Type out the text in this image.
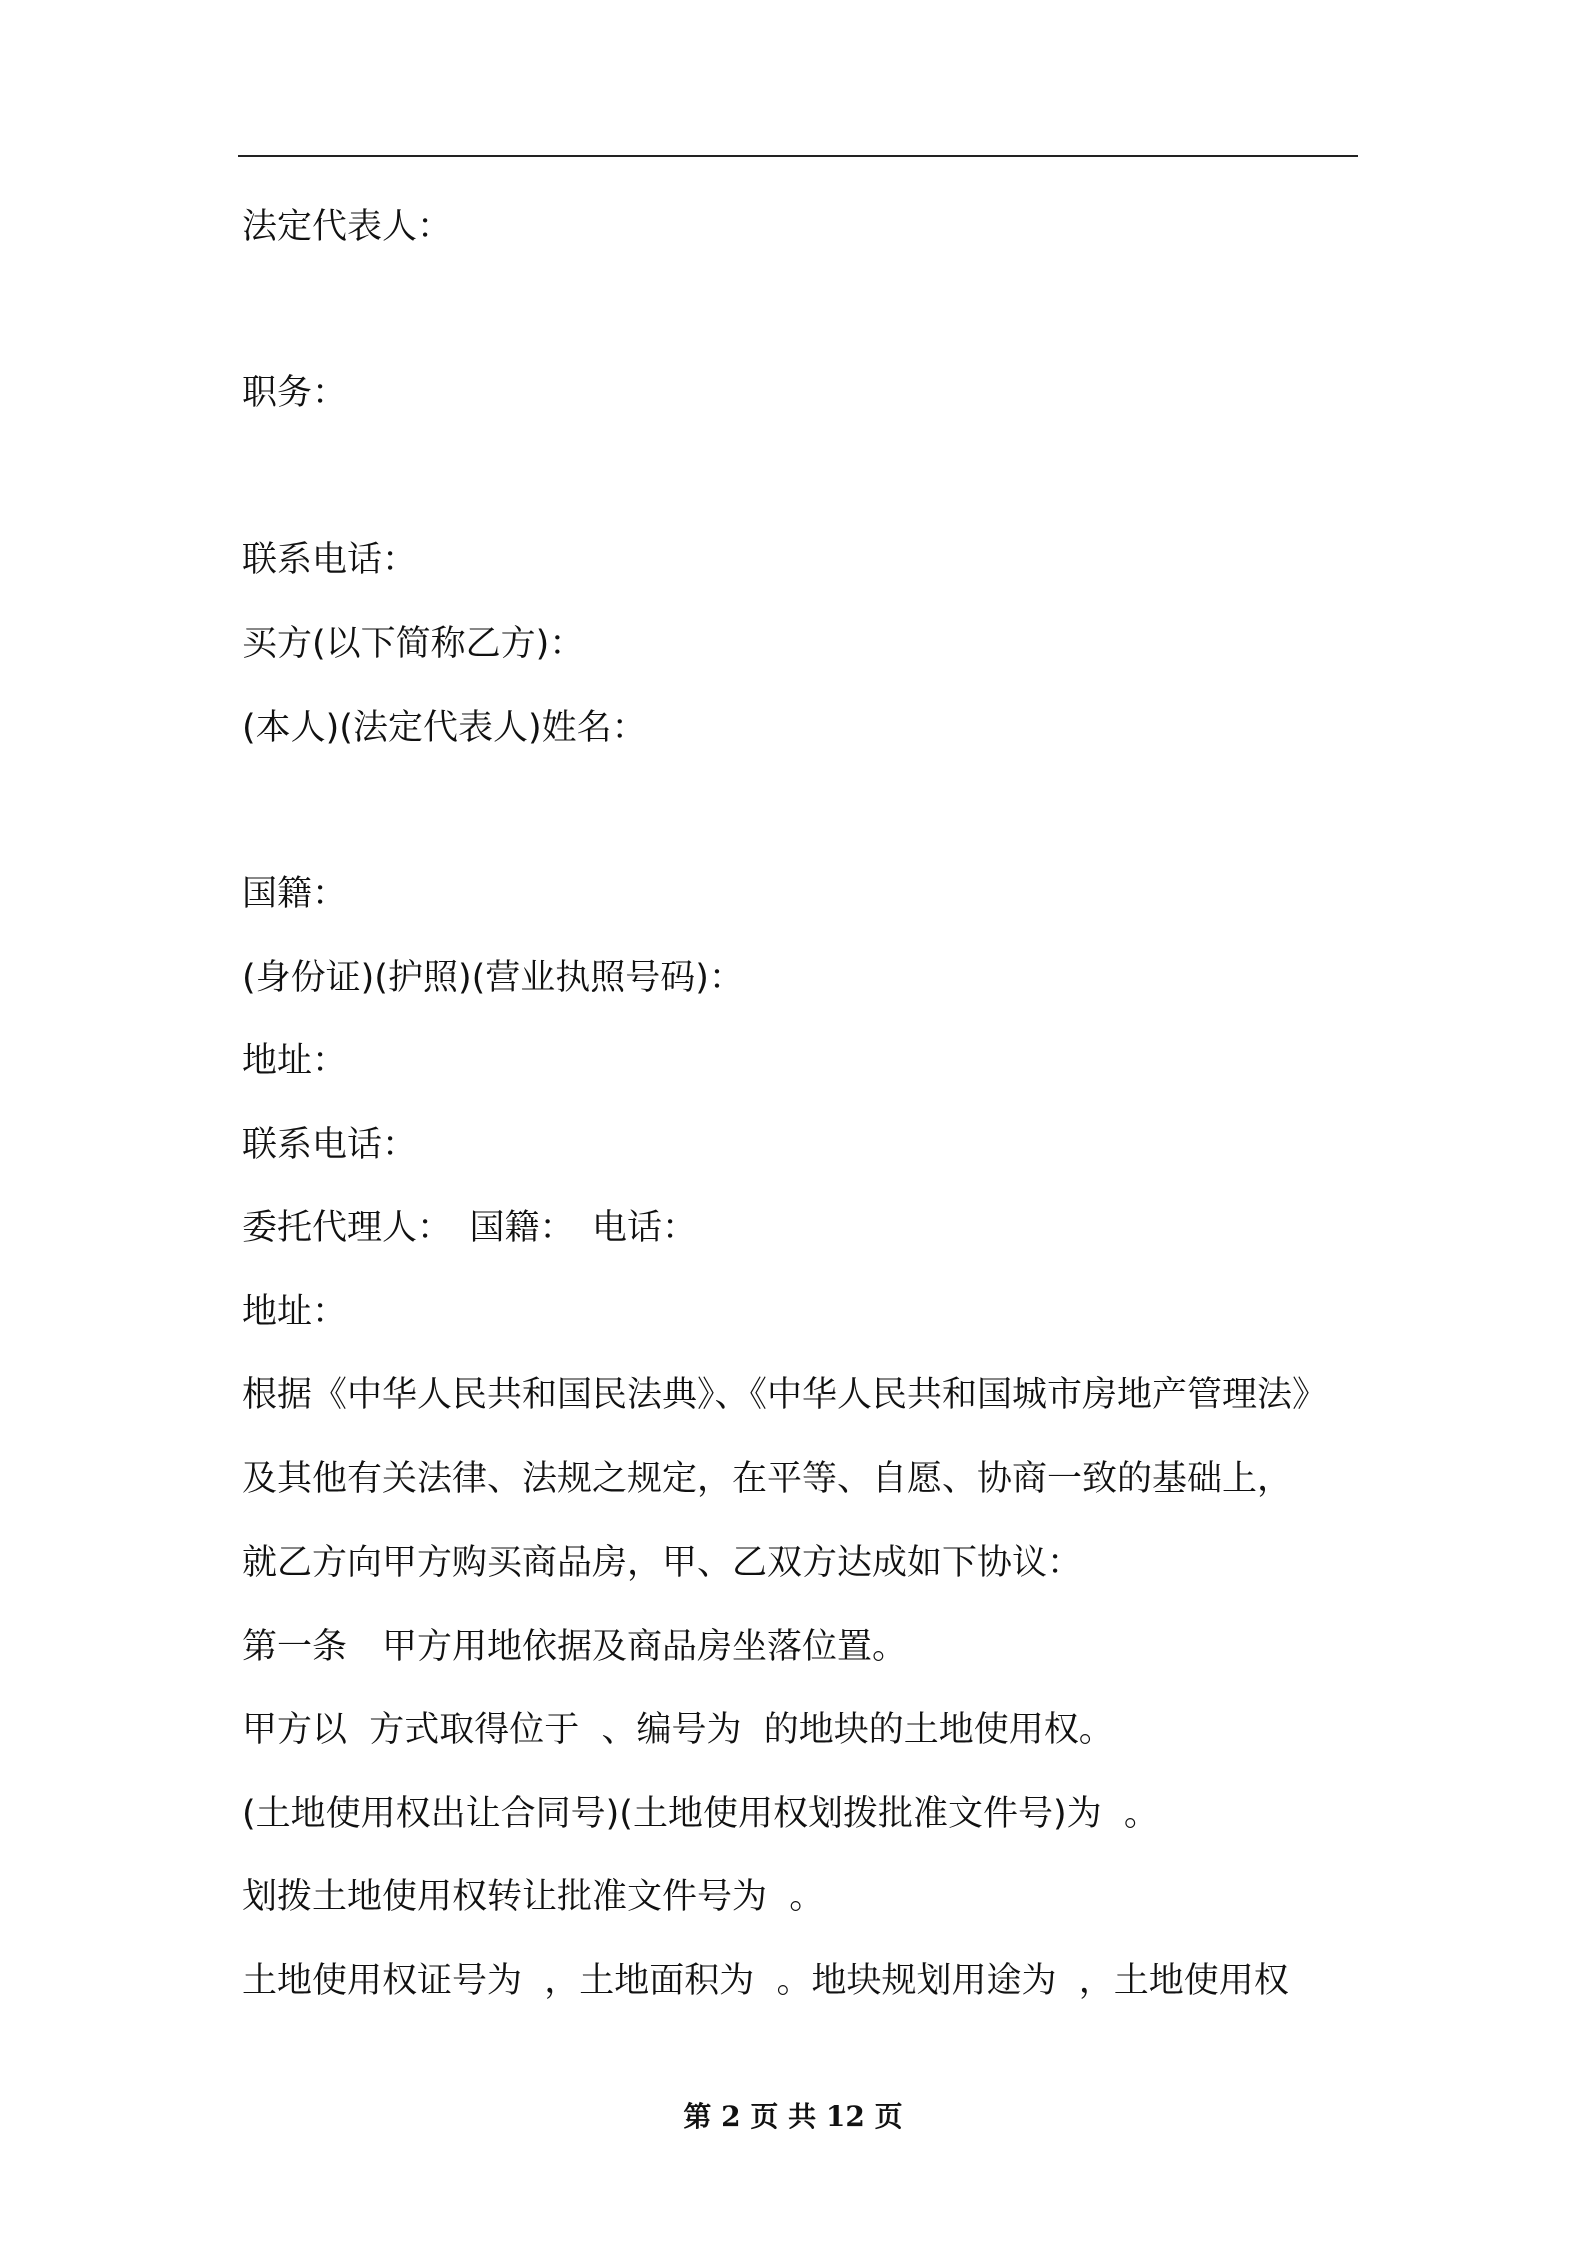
法定代表人：
职务：
联系电话：
买方(以下简称乙方)：
(本人)(法定代表人)姓名：
国籍：
(身份证)(护照)(营业执照号码)：
地址：
联系电话：
委托代理人：　国籍：　电话：
地址：
根据《中华人民共和国民法典》、《中华人民共和国城市房地产管理法》
及其他有关法律、法规之规定，在平等、自愿、协商一致的基础上，
就乙方向甲方购买商品房，甲、乙双方达成如下协议：
第一条　甲方用地依据及商品房坐落位置。
甲方以  方式取得位于  、编号为  的地块的土地使用权。
(土地使用权出让合同号)(土地使用权划拨批准文件号)为  。
划拨土地使用权转让批准文件号为  。
土地使用权证号为  ，土地面积为  。地块规划用途为  ，土地使用权
第 2 页 共 12 页
